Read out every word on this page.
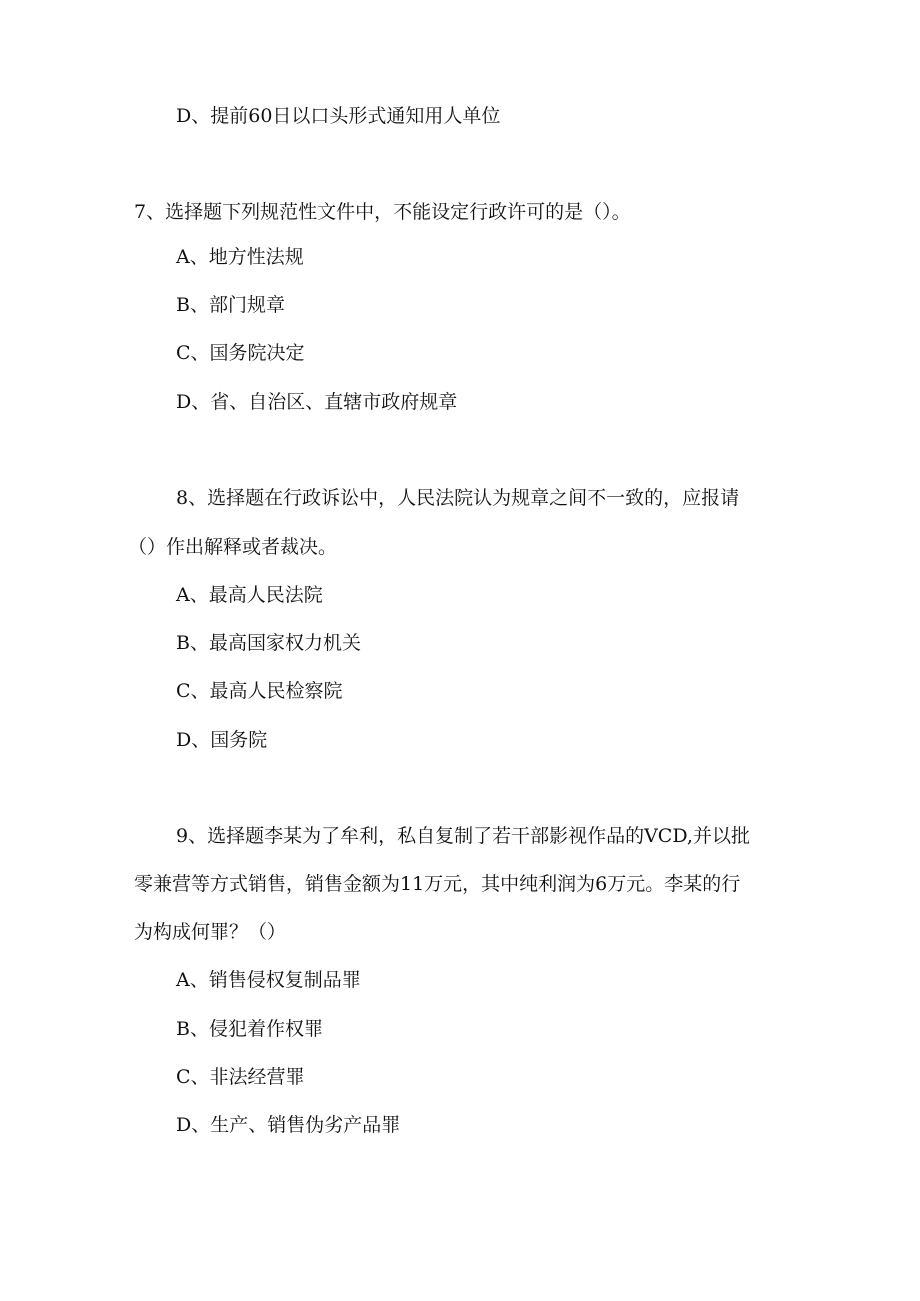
D、提前60日以口头形式通知用人单位
7、选择题下列规范性文件中，不能设定行政许可的是（）。
A、地方性法规
B、部门规章
C、国务院决定
D、省、自治区、直辖市政府规章
8、选择题在行政诉讼中，人民法院认为规章之间不一致的，应报请
（）作出解释或者裁决。
A、最高人民法院
B、最高国家权力机关
C、最高人民检察院
D、国务院
9、选择题李某为了牟利，私自复制了若干部影视作品的VCD,并以批
零兼营等方式销售，销售金额为11万元，其中纯利润为6万元。李某的行
为构成何罪？（）
A、销售侵权复制品罪
B、侵犯着作权罪
C、非法经营罪
D、生产、销售伪劣产品罪
